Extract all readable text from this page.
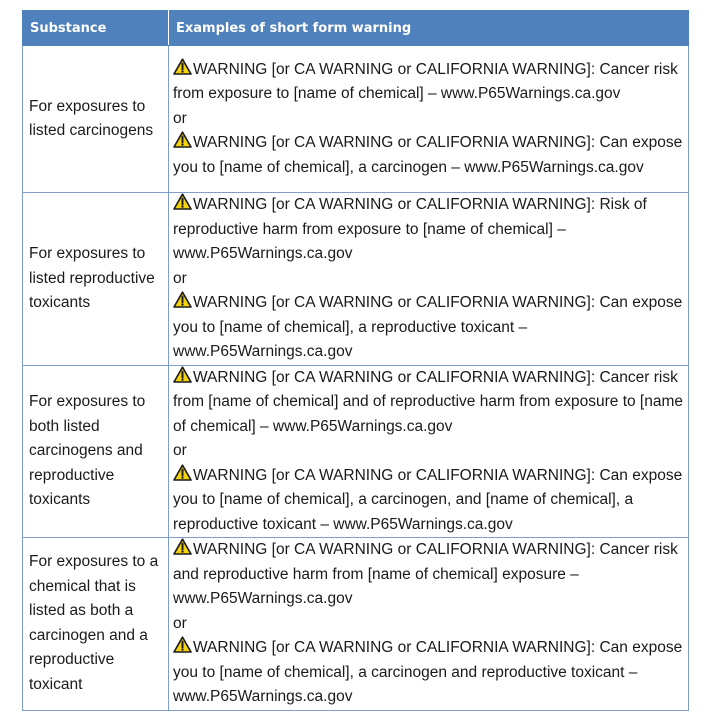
Substance	Examples of short form warning
For exposures to listed carcinogens	WARNING [or CA WARNING or CALIFORNIA WARNING]: Cancer risk from exposure to [name of chemical] – www.P65Warnings.ca.gov
or
WARNING [or CA WARNING or CALIFORNIA WARNING]: Can expose you to [name of chemical], a carcinogen – www.P65Warnings.ca.gov

For exposures to listed reproductive toxicants	WARNING [or CA WARNING or CALIFORNIA WARNING]: Risk of reproductive harm from exposure to [name of chemical] – www.P65Warnings.ca.gov
or
WARNING [or CA WARNING or CALIFORNIA WARNING]: Can expose you to [name of chemical], a reproductive toxicant – www.P65Warnings.ca.gov

For exposures to both listed carcinogens and reproductive toxicants	WARNING [or CA WARNING or CALIFORNIA WARNING]: Cancer risk from [name of chemical] and of reproductive harm from exposure to [name of chemical] – www.P65Warnings.ca.gov
or
WARNING [or CA WARNING or CALIFORNIA WARNING]: Can expose you to [name of chemical], a carcinogen, and [name of chemical], a reproductive toxicant – www.P65Warnings.ca.gov

For exposures to a chemical that is listed as both a carcinogen and a reproductive toxicant	WARNING [or CA WARNING or CALIFORNIA WARNING]: Cancer risk and reproductive harm from [name of chemical] exposure – www.P65Warnings.ca.gov
or
WARNING [or CA WARNING or CALIFORNIA WARNING]: Can expose you to [name of chemical], a carcinogen and reproductive toxicant – www.P65Warnings.ca.gov
